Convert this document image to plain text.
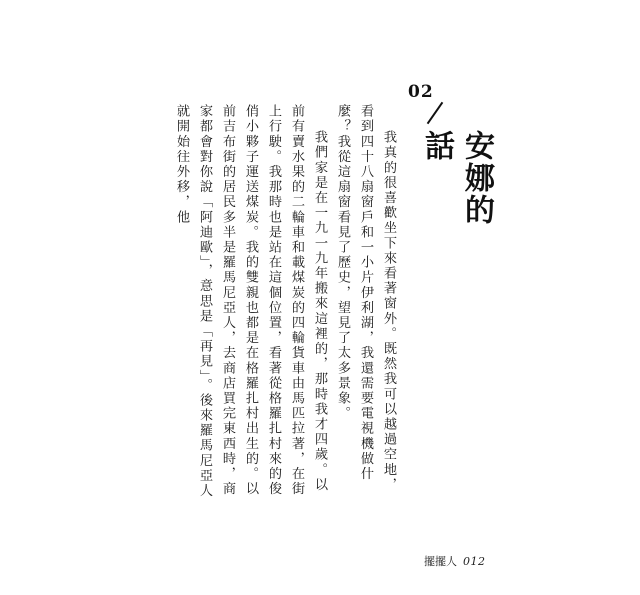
02
安娜的話

我真的很喜歡坐下來看著窗外。既然我可以越過空地，看到四十八扇窗戶和一小片伊利湖，我還需要電視機做什麼？我從這扇窗看見了歷史，望見了太多景象。

我們家是在一九一九年搬來這裡的，那時我才四歲。以前有賣水果的二輪車和載煤炭的四輪貨車由馬匹拉著，在街上行駛。我那時也是站在這個位置，看著從格羅扎村來的俊俏小夥子運送煤炭。我的雙親也都是在格羅扎村出生的。以前吉布街的居民多半是羅馬尼亞人，去商店買完東西時，商家都會對你說「阿迪歐」，意思是「再見」。後來羅馬尼亞人就開始往外移，他

擺擺人 012
